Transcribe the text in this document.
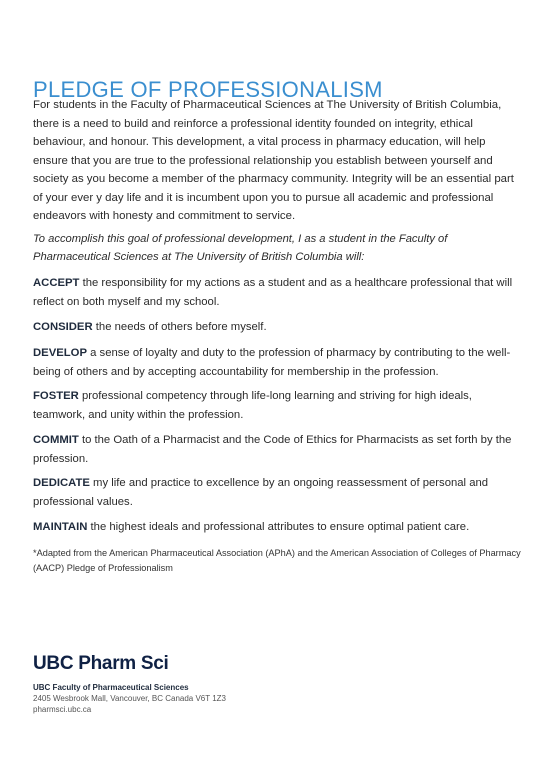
PLEDGE OF PROFESSIONALISM

For students in the Faculty of Pharmaceutical Sciences at The University of British Columbia, there is a need to build and reinforce a professional identity founded on integrity, ethical behaviour, and honour. This development, a vital process in pharmacy education, will help ensure that you are true to the professional relationship you establish between yourself and society as you become a member of the pharmacy community. Integrity will be an essential part of your ever y day life and it is incumbent upon you to pursue all academic and professional endeavors with honesty and commitment to service.

To accomplish this goal of professional development, I as a student in the Faculty of Pharmaceutical Sciences at The University of British Columbia will:

ACCEPT the responsibility for my actions as a student and as a healthcare professional that will reflect on both myself and my school.

CONSIDER the needs of others before myself.

DEVELOP a sense of loyalty and duty to the profession of pharmacy by contributing to the well-being of others and by accepting accountability for membership in the profession.

FOSTER professional competency through life-long learning and striving for high ideals, teamwork, and unity within the profession.

COMMIT to the Oath of a Pharmacist and the Code of Ethics for Pharmacists as set forth by the profession.

DEDICATE my life and practice to excellence by an ongoing reassessment of personal and professional values.

MAINTAIN the highest ideals and professional attributes to ensure optimal patient care.

*Adapted from the American Pharmaceutical Association (APhA) and the American Association of Colleges of Pharmacy (AACP) Pledge of Professionalism

UBC Pharm Sci
UBC Faculty of Pharmaceutical Sciences
2405 Wesbrook Mall, Vancouver, BC Canada V6T 1Z3
pharmsci.ubc.ca
